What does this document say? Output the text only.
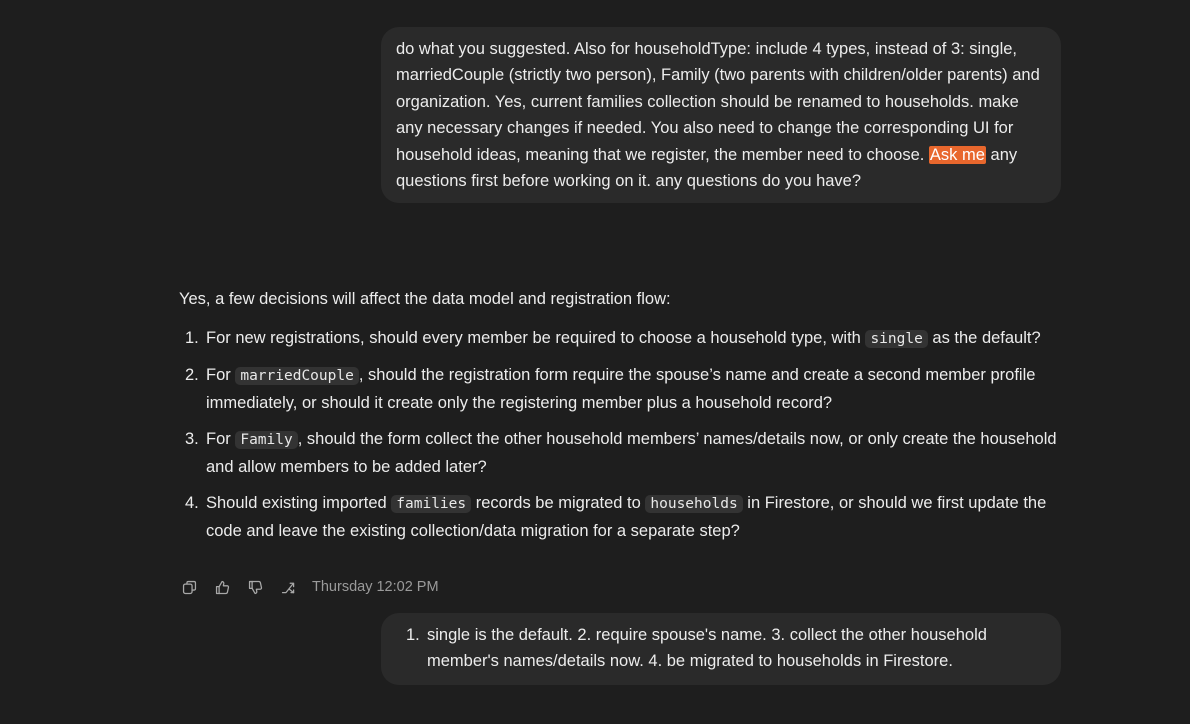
do what you suggested. Also for householdType: include 4 types, instead of 3: single, marriedCouple (strictly two person), Family (two parents with children/older parents) and organization. Yes, current families collection should be renamed to households. make any necessary changes if needed. You also need to change the corresponding UI for household ideas, meaning that we register, the member need to choose. Ask me any questions first before working on it. any questions do you have?

Yes, a few decisions will affect the data model and registration flow:

1. For new registrations, should every member be required to choose a household type, with single as the default?
2. For marriedCouple , should the registration form require the spouse’s name and create a second member profile immediately, or should it create only the registering member plus a household record?
3. For Family , should the form collect the other household members’ names/details now, or only create the household and allow members to be added later?
4. Should existing imported families records be migrated to households in Firestore, or should we first update the code and leave the existing collection/data migration for a separate step?
Thursday 12:02 PM
1. single is the default. 2. require spouse's name. 3. collect the other household member's names/details now. 4. be migrated to households in Firestore.
